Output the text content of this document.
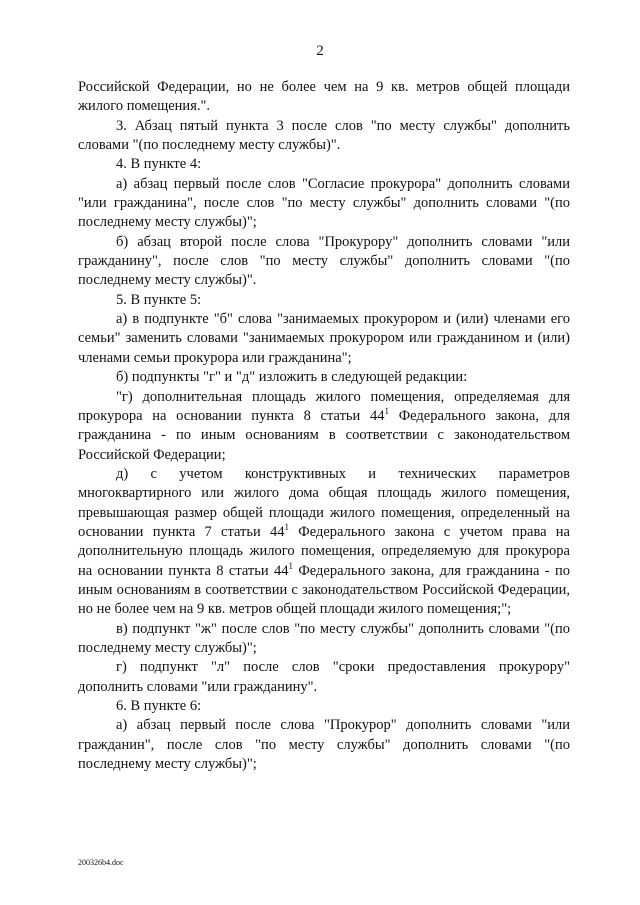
2

Российской Федерации, но не более чем на 9 кв. метров общей площади жилого помещения.".

3. Абзац пятый пункта 3 после слов "по месту службы" дополнить словами "(по последнему месту службы)".

4. В пункте 4:

а) абзац первый после слов "Согласие прокурора" дополнить словами "или гражданина", после слов "по месту службы" дополнить словами "(по последнему месту службы)";

б) абзац второй после слова "Прокурору" дополнить словами "или гражданину", после слов "по месту службы" дополнить словами "(по последнему месту службы)".

5. В пункте 5:

а) в подпункте "б" слова "занимаемых прокурором и (или) членами его семьи" заменить словами "занимаемых прокурором или гражданином и (или) членами семьи прокурора или гражданина";

б) подпункты "г" и "д" изложить в следующей редакции:

"г) дополнительная площадь жилого помещения, определяемая для прокурора на основании пункта 8 статьи $44^1$ Федерального закона, для гражданина - по иным основаниям в соответствии с законодательством Российской Федерации;

д) с учетом конструктивных и технических параметров многоквартирного или жилого дома общая площадь жилого помещения, превышающая размер общей площади жилого помещения, определенный на основании пункта 7 статьи $44^1$ Федерального закона с учетом права на дополнительную площадь жилого помещения, определяемую для прокурора на основании пункта 8 статьи $44^1$ Федерального закона, для гражданина - по иным основаниям в соответствии с законодательством Российской Федерации, но не более чем на 9 кв. метров общей площади жилого помещения;";

в) подпункт "ж" после слов "по месту службы" дополнить словами "(по последнему месту службы)";

г) подпункт "л" после слов "сроки предоставления прокурору" дополнить словами "или гражданину".

6. В пункте 6:

а) абзац первый после слова "Прокурор" дополнить словами "или гражданин", после слов "по месту службы" дополнить словами "(по последнему месту службы)";

200326b4.doc
